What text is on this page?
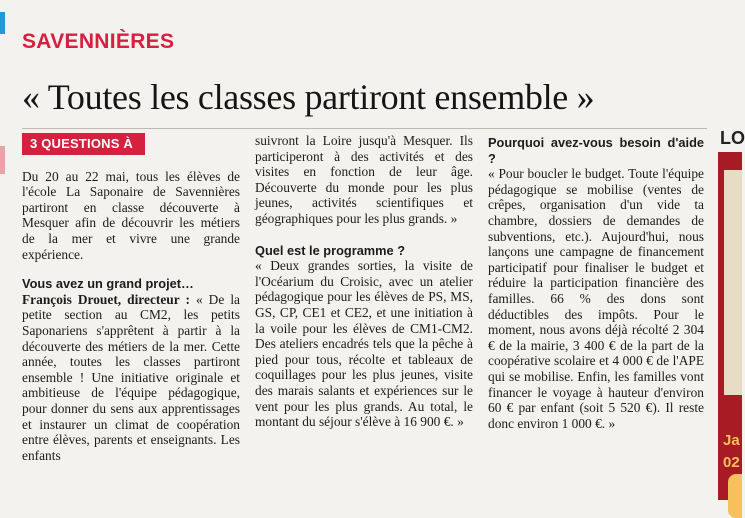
SAVENNIÈRES
« Toutes les classes partiront ensemble »
3 QUESTIONS À

Du 20 au 22 mai, tous les élèves de l'école La Saponaire de Savennières partiront en classe découverte à Mesquer afin de découvrir les métiers de la mer et vivre une grande expérience.

Vous avez un grand projet…

François Drouet, directeur : « De la petite section au CM2, les petits Saponariens s'apprêtent à partir à la découverte des métiers de la mer. Cette année, toutes les classes partiront ensemble ! Une initiative originale et ambitieuse de l'équipe pédagogique, pour donner du sens aux apprentissages et instaurer un climat de coopération entre élèves, parents et enseignants. Les enfants

suivront la Loire jusqu'à Mesquer. Ils participeront à des activités et des visites en fonction de leur âge. Découverte du monde pour les plus jeunes, activités scientifiques et géographiques pour les plus grands. »

Quel est le programme ?

« Deux grandes sorties, la visite de l'Océarium du Croisic, avec un atelier pédagogique pour les élèves de PS, MS, GS, CP, CE1 et CE2, et une initiation à la voile pour les élèves de CM1-CM2. Des ateliers encadrés tels que la pêche à pied pour tous, récolte et tableaux de coquillages pour les plus jeunes, visite des marais salants et expériences sur le vent pour les plus grands. Au total, le montant du séjour s'élève à 16 900 €. »

Pourquoi avez-vous besoin d'aide ?

« Pour boucler le budget. Toute l'équipe pédagogique se mobilise (ventes de crêpes, organisation d'un vide ta chambre, dossiers de demandes de subventions, etc.). Aujourd'hui, nous lançons une campagne de financement participatif pour finaliser le budget et réduire la participation financière des familles. 66 % des dons sont déductibles des impôts. Pour le moment, nous avons déjà récolté 2 304 € de la mairie, 3 400 € de la part de la coopérative scolaire et 4 000 € de l'APE qui se mobilise. Enfin, les familles vont financer le voyage à hauteur d'environ 60 € par enfant (soit 5 520 €). Il reste donc environ 1 000 €. »

LO
Ja
02
